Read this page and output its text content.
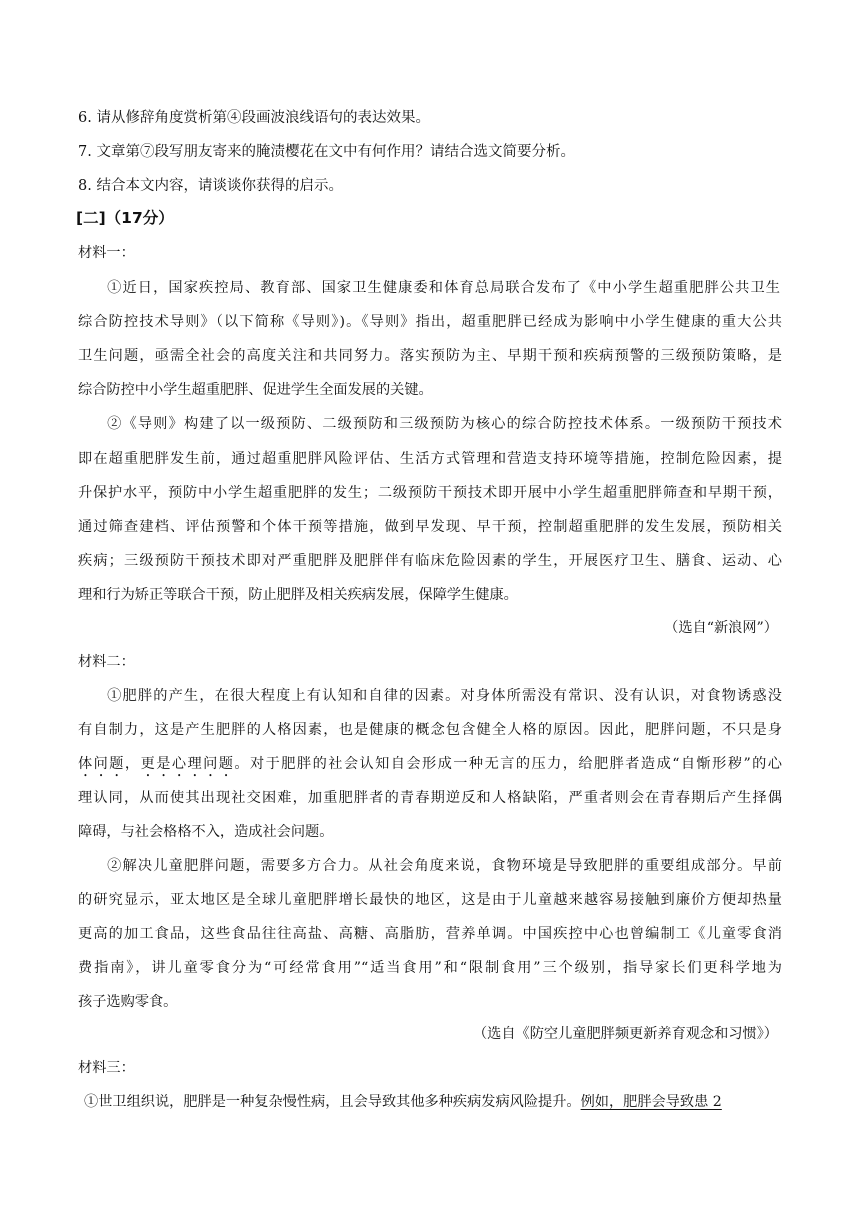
6. 请从修辞角度赏析第④段画波浪线语句的表达效果。
7. 文章第⑦段写朋友寄来的腌渍樱花在文中有何作用？请结合选文简要分析。
8. 结合本文内容，请谈谈你获得的启示。
[二]（17分）
材料一：
①近日，国家疾控局、教育部、国家卫生健康委和体育总局联合发布了《中小学生超重肥胖公共卫生
综合防控技术导则》（以下简称《导则》)。《导则》指出，超重肥胖已经成为影响中小学生健康的重大公共
卫生问题，亟需全社会的高度关注和共同努力。落实预防为主、早期干预和疾病预警的三级预防策略，是
综合防控中小学生超重肥胖、促进学生全面发展的关键。
②《导则》构建了以一级预防、二级预防和三级预防为核心的综合防控技术体系。一级预防干预技术
即在超重肥胖发生前，通过超重肥胖风险评估、生活方式管理和营造支持环境等措施，控制危险因素，提
升保护水平，预防中小学生超重肥胖的发生；二级预防干预技术即开展中小学生超重肥胖筛查和早期干预，
通过筛查建档、评估预警和个体干预等措施，做到早发现、早干预，控制超重肥胖的发生发展，预防相关
疾病；三级预防干预技术即对严重肥胖及肥胖伴有临床危险因素的学生，开展医疗卫生、膳食、运动、心
理和行为矫正等联合干预，防止肥胖及相关疾病发展，保障学生健康。
（选自“新浪网”）
材料二：
①肥胖的产生，在很大程度上有认知和自律的因素。对身体所需没有常识、没有认识，对食物诱惑没
有自制力，这是产生肥胖的人格因素，也是健康的概念包含健全人格的原因。因此，肥胖问题，不只是身
体问题，更是心理问题。对于肥胖的社会认知自会形成一种无言的压力，给肥胖者造成“自惭形秽”的心
理认同，从而使其出现社交困难，加重肥胖者的青春期逆反和人格缺陷，严重者则会在青春期后产生择偶
障碍，与社会格格不入，造成社会问题。
②解决儿童肥胖问题，需要多方合力。从社会角度来说，食物环境是导致肥胖的重要组成部分。早前
的研究显示，亚太地区是全球儿童肥胖增长最快的地区，这是由于儿童越来越容易接触到廉价方便却热量
更高的加工食品，这些食品往往高盐、高糖、高脂肪，营养单调。中国疾控中心也曾编制工《儿童零食消
费指南》，讲儿童零食分为“可经常食用”“适当食用”和“限制食用”三个级别，指导家长们更科学地为
孩子选购零食。
（选自《防空儿童肥胖频更新养育观念和习惯》）
材料三：
①世卫组织说，肥胖是一种复杂慢性病，且会导致其他多种疾病发病风险提升。例如，肥胖会导致患 2
